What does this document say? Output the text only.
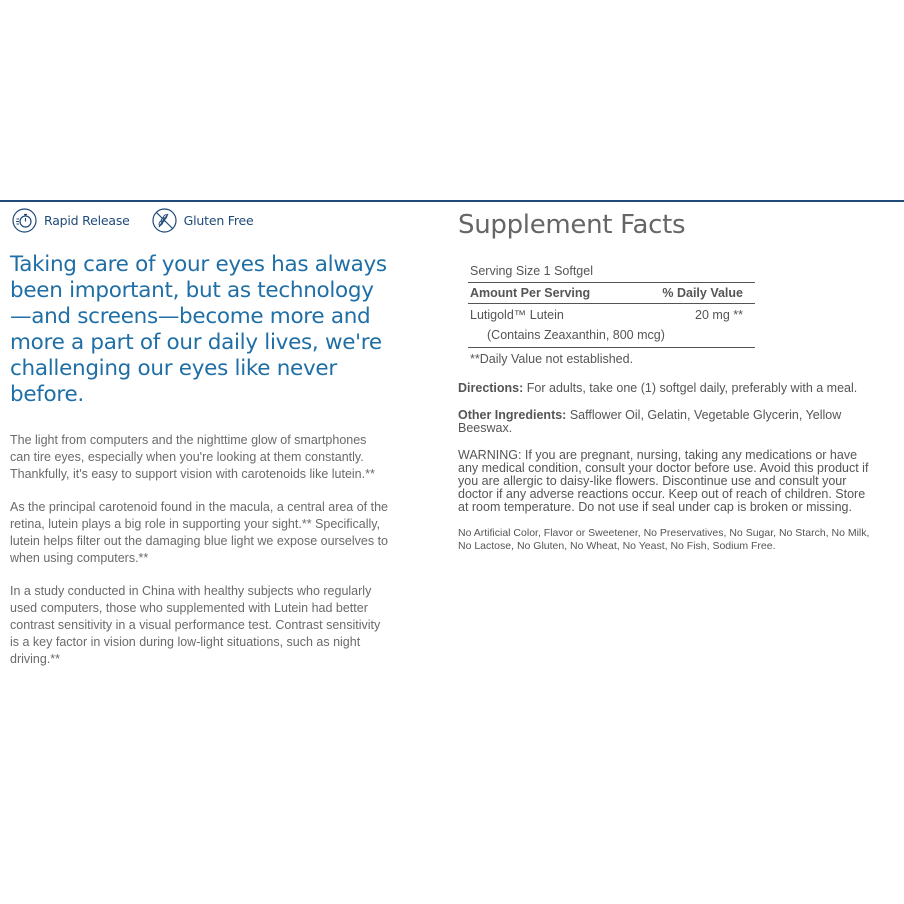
Rapid Release	Gluten Free
Taking care of your eyes has always been important, but as technology—and screens—become more and more a part of our daily lives, we're challenging our eyes like never before.

The light from computers and the nighttime glow of smartphones can tire eyes, especially when you're looking at them constantly. Thankfully, it's easy to support vision with carotenoids like lutein.**

As the principal carotenoid found in the macula, a central area of the retina, lutein plays a big role in supporting your sight.** Specifically, lutein helps filter out the damaging blue light we expose ourselves to when using computers.**

In a study conducted in China with healthy subjects who regularly used computers, those who supplemented with Lutein had better contrast sensitivity in a visual performance test. Contrast sensitivity is a key factor in vision during low-light situations, such as night driving.**

Supplement Facts
Serving Size 1 Softgel
Amount Per Serving	% Daily Value
Lutigold™ Lutein	20 mg **
(Contains Zeaxanthin, 800 mcg)
**Daily Value not established.

Directions: For adults, take one (1) softgel daily, preferably with a meal.

Other Ingredients: Safflower Oil, Gelatin, Vegetable Glycerin, Yellow Beeswax.

WARNING: If you are pregnant, nursing, taking any medications or have any medical condition, consult your doctor before use. Avoid this product if you are allergic to daisy-like flowers. Discontinue use and consult your doctor if any adverse reactions occur. Keep out of reach of children. Store at room temperature. Do not use if seal under cap is broken or missing.

No Artificial Color, Flavor or Sweetener, No Preservatives, No Sugar, No Starch, No Milk, No Lactose, No Gluten, No Wheat, No Yeast, No Fish, Sodium Free.
